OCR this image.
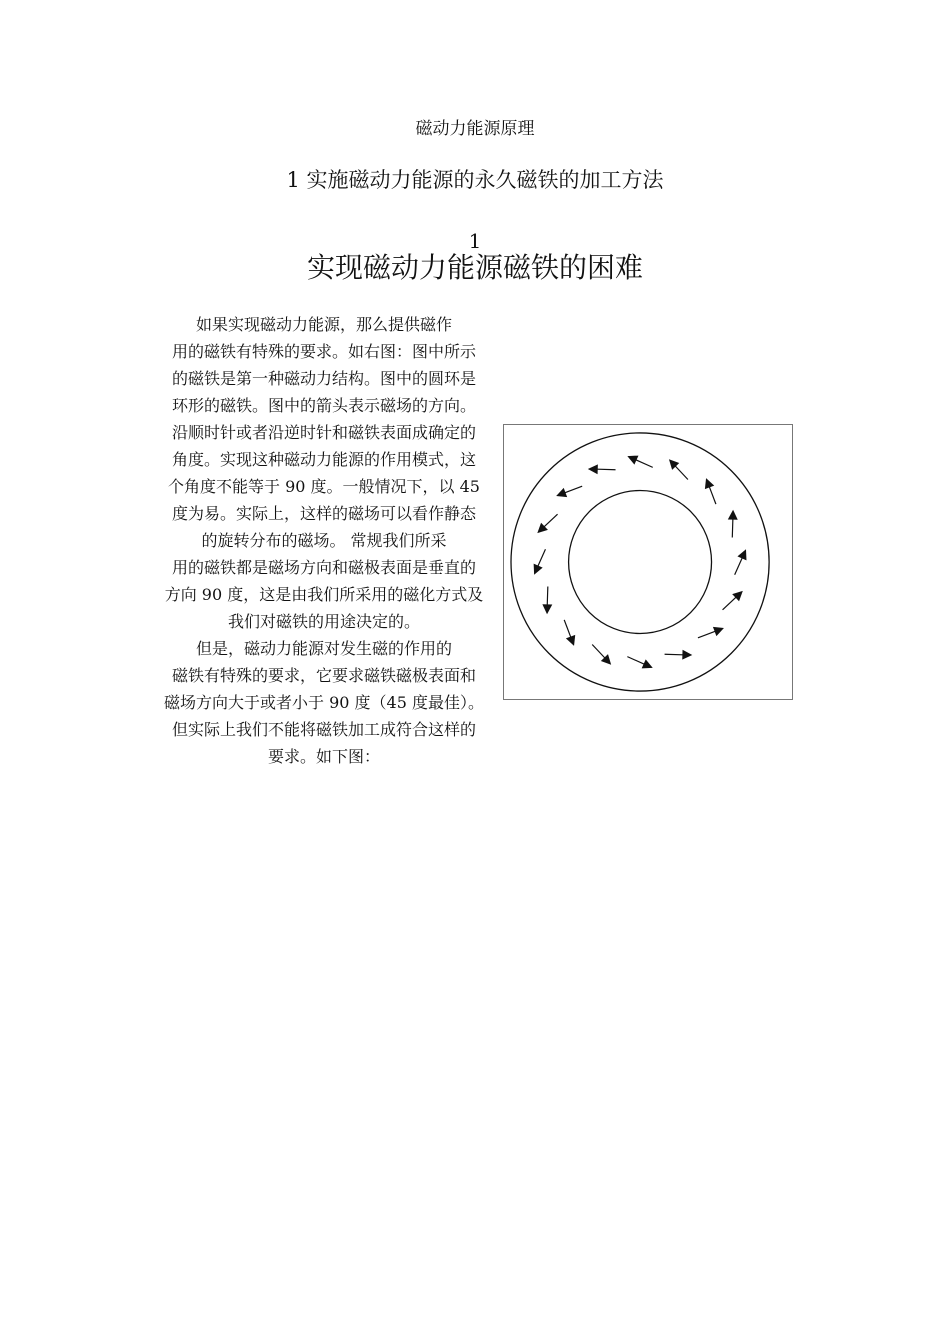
磁动力能源原理
1 实施磁动力能源的永久磁铁的加工方法
1
实现磁动力能源磁铁的困难
如果实现磁动力能源，那么提供磁作
用的磁铁有特殊的要求。如右图：图中所示
的磁铁是第一种磁动力结构。图中的圆环是
环形的磁铁。图中的箭头表示磁场的方向。
沿顺时针或者沿逆时针和磁铁表面成确定的
角度。实现这种磁动力能源的作用模式，这
个角度不能等于 90 度。一般情况下，以 45
度为易。实际上，这样的磁场可以看作静态
的旋转分布的磁场。 常规我们所采
用的磁铁都是磁场方向和磁极表面是垂直的
方向 90 度，这是由我们所采用的磁化方式及
我们对磁铁的用途决定的。
但是，磁动力能源对发生磁的作用的
磁铁有特殊的要求，它要求磁铁磁极表面和
磁场方向大于或者小于 90 度（45 度最佳）。
但实际上我们不能将磁铁加工成符合这样的
要求。如下图：
